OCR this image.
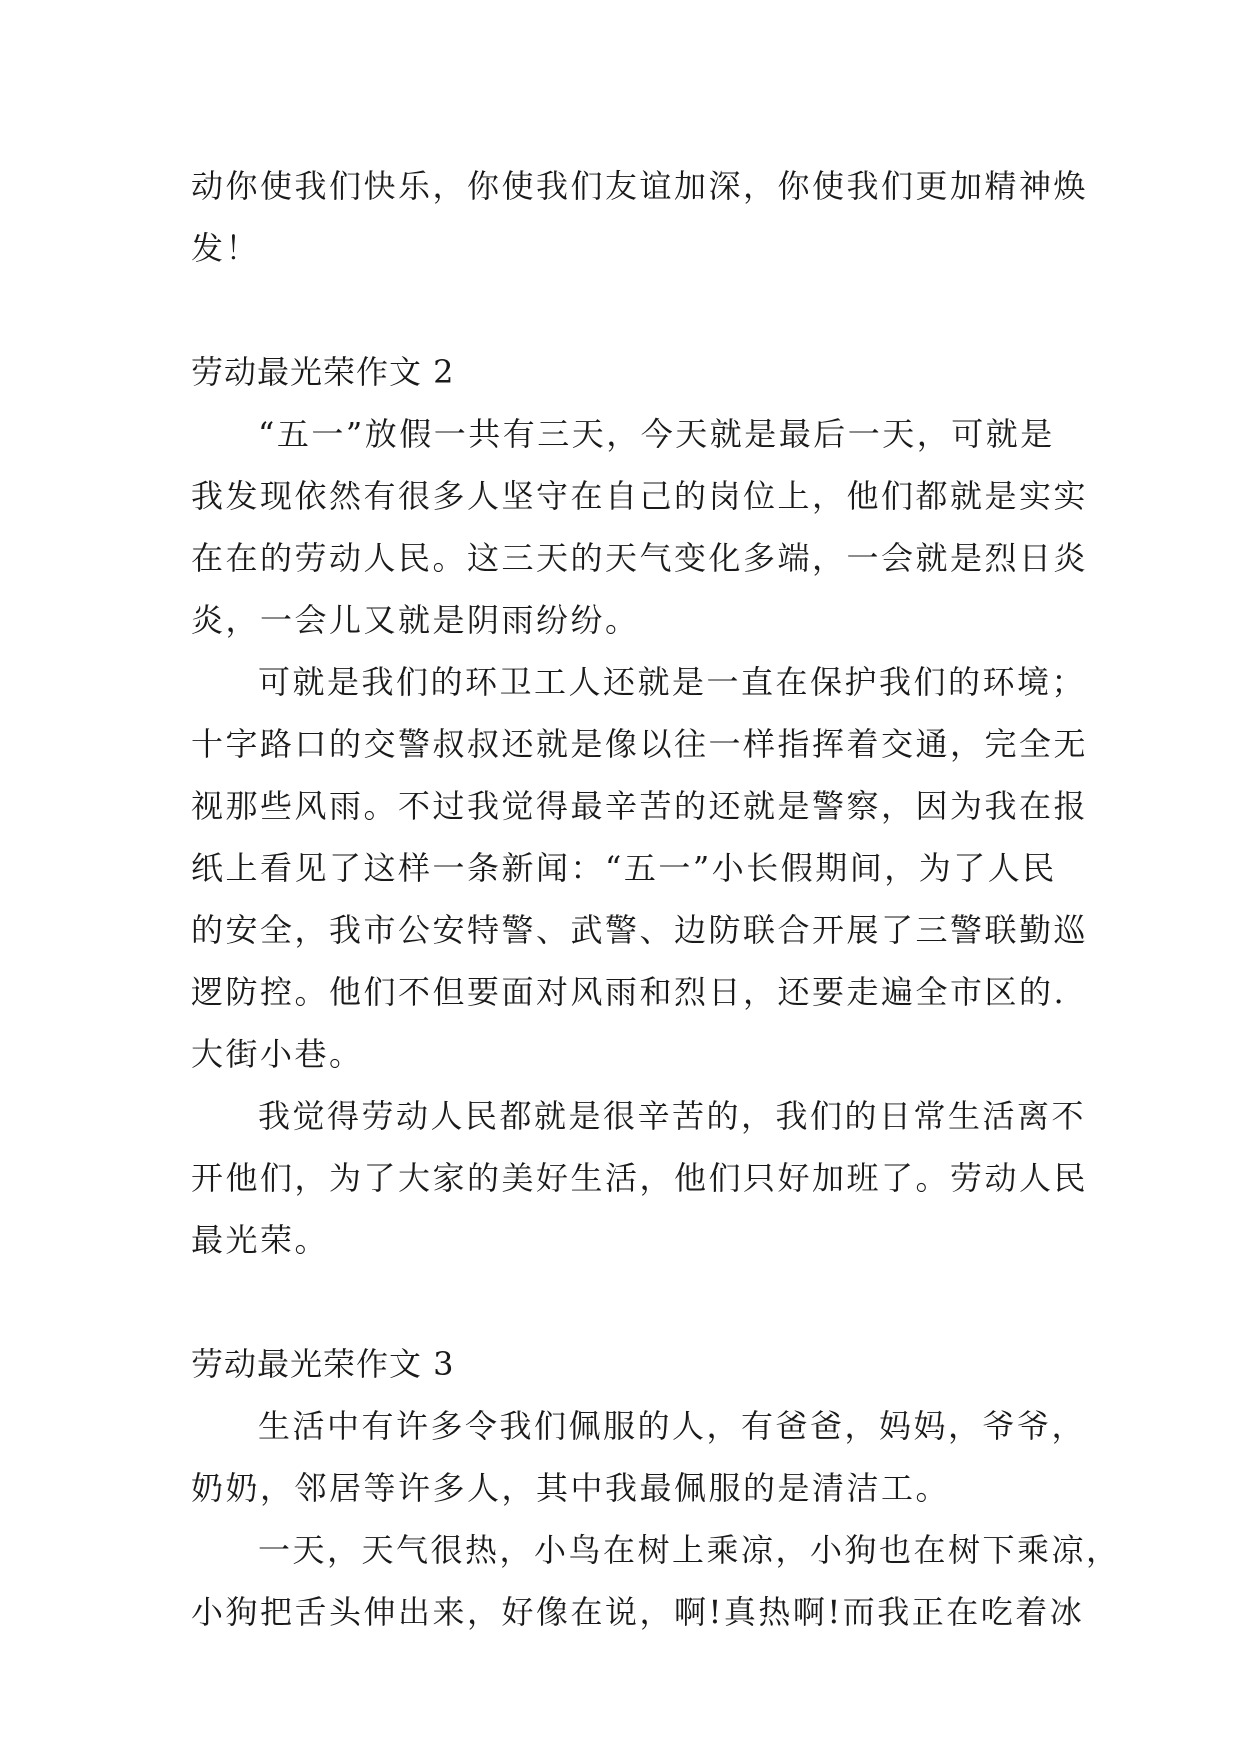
动你使我们快乐，你使我们友谊加深，你使我们更加精神焕
发！
劳动最光荣作文 2
“五一”放假一共有三天，今天就是最后一天，可就是
我发现依然有很多人坚守在自己的岗位上，他们都就是实实
在在的劳动人民。这三天的天气变化多端，一会就是烈日炎
炎，一会儿又就是阴雨纷纷。
可就是我们的环卫工人还就是一直在保护我们的环境；
十字路口的交警叔叔还就是像以往一样指挥着交通，完全无
视那些风雨。不过我觉得最辛苦的还就是警察，因为我在报
纸上看见了这样一条新闻：“五一”小长假期间，为了人民
的安全，我市公安特警、武警、边防联合开展了三警联勤巡
逻防控。他们不但要面对风雨和烈日，还要走遍全市区的.
大街小巷。
我觉得劳动人民都就是很辛苦的，我们的日常生活离不
开他们，为了大家的美好生活，他们只好加班了。劳动人民
最光荣。
劳动最光荣作文 3
生活中有许多令我们佩服的人，有爸爸，妈妈，爷爷，
奶奶，邻居等许多人，其中我最佩服的是清洁工。
一天，天气很热，小鸟在树上乘凉，小狗也在树下乘凉，
小狗把舌头伸出来，好像在说，啊!真热啊!而我正在吃着冰
